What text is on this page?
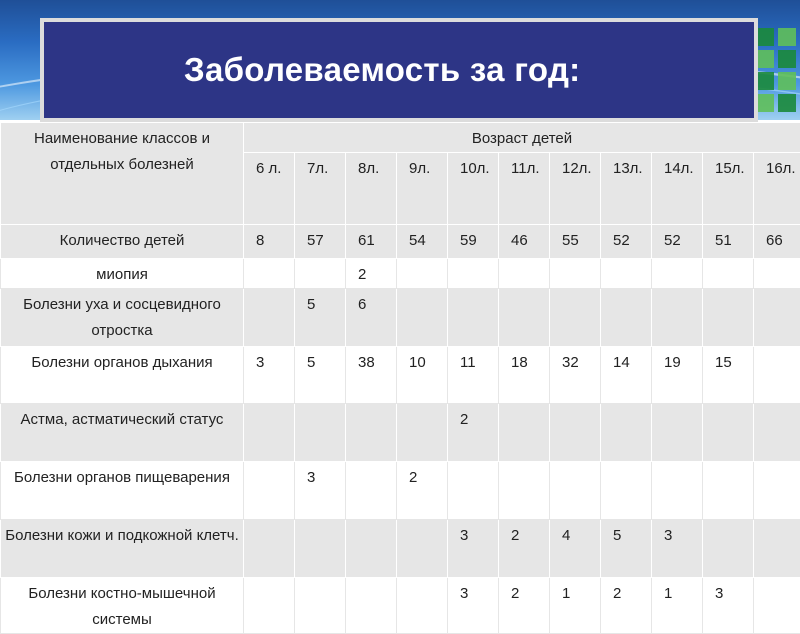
Заболеваемость за год:
Наименование классов и отдельных болезней	Возраст детей										
	6 л.	7л.	8л.	9л.	10л.	11л.	12л.	13л.	14л.	15л.	16л.
Количество детей	8	57	61	54	59	46	55	52	52	51	66
миопия			2								
Болезни уха и сосцевидного отростка		5	6								
Болезни органов дыхания	3	5	38	10	11	18	32	14	19	15	
Астма, астматический статус					2						
Болезни органов пищеварения		3		2							
Болезни кожи и подкожной клетч.					3	2	4	5	3		
Болезни костно-мышечной системы					3	2	1	2	1	3	
